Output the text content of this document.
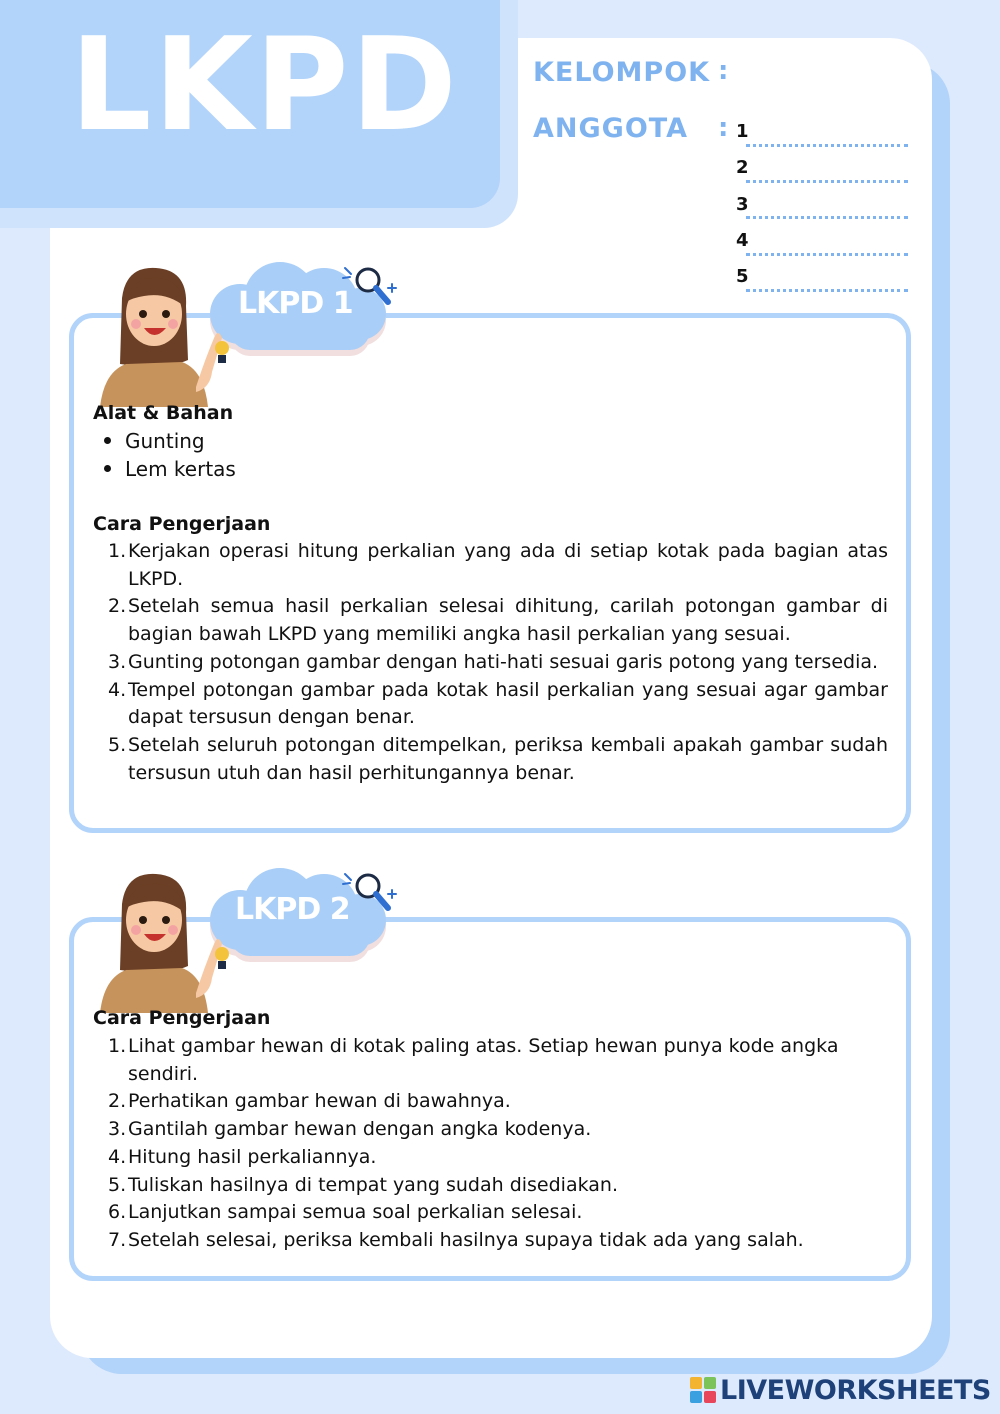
LKPD	KELOMPOK :
ANGGOTA : 1
2
3
4
5
LKPD 1
Alat & Bahan
Gunting
Lem kertas
Cara Pengerjaan
1. Kerjakan operasi hitung perkalian yang ada di setiap kotak pada bagian atas LKPD.
2. Setelah semua hasil perkalian selesai dihitung, carilah potongan gambar di bagian bawah LKPD yang memiliki angka hasil perkalian yang sesuai.
3. Gunting potongan gambar dengan hati-hati sesuai garis potong yang tersedia.
4. Tempel potongan gambar pada kotak hasil perkalian yang sesuai agar gambar dapat tersusun dengan benar.
5. Setelah seluruh potongan ditempelkan, periksa kembali apakah gambar sudah tersusun utuh dan hasil perhitungannya benar.
LKPD 2
Cara Pengerjaan
1. Lihat gambar hewan di kotak paling atas. Setiap hewan punya kode angka sendiri.
2. Perhatikan gambar hewan di bawahnya.
3. Gantilah gambar hewan dengan angka kodenya.
4. Hitung hasil perkaliannya.
5. Tuliskan hasilnya di tempat yang sudah disediakan.
6. Lanjutkan sampai semua soal perkalian selesai.
7. Setelah selesai, periksa kembali hasilnya supaya tidak ada yang salah.
LIVEWORKSHEETS
